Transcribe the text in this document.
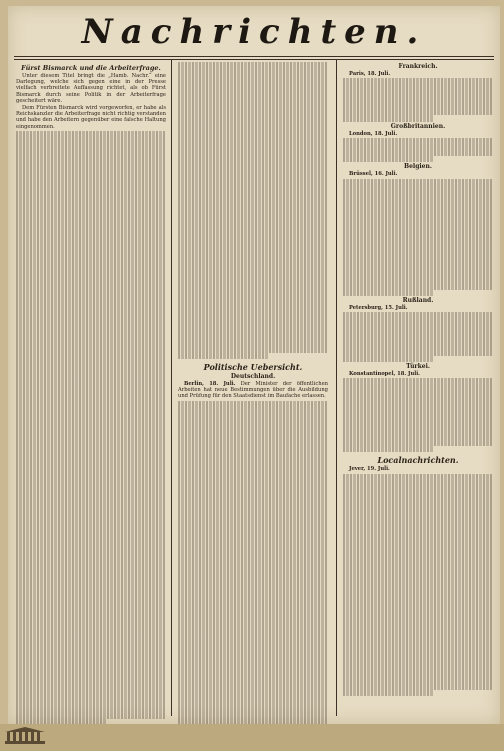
Nachrichten.
Fürst Bismarck und die Arbeiterfrage.

Unter diesem Titel bringt die „Hamb. Nachr.“ eine Darlegung, welche sich gegen eine in der Presse vielfach verbreitete Auffassung richtet, als ob Fürst Bismarck durch seine Politik in der Arbeiterfrage gescheitert wäre.

Dem Fürsten Bismarck wird vorgeworfen, er habe als Reichskanzler die Arbeiterfrage nicht richtig verstanden und habe den Arbeitern gegenüber eine falsche Haltung eingenommen.

Politische Uebersicht.
Deutschland.

Berlin, 18. Juli. Der Minister der öffentlichen Arbeiten hat neue Bestimmungen über die Ausbildung und Prüfung für den Staatsdienst im Baufache erlassen.

Frankreich.

Paris, 18. Juli.

Großbritannien.

London, 18. Juli.

Belgien.

Brüssel, 16. Juli.

Rußland.

Petersburg, 15. Juli.

Türkei.

Konstantinopel, 18. Juli.

Localnachrichten.

Jever, 19. Juli.
